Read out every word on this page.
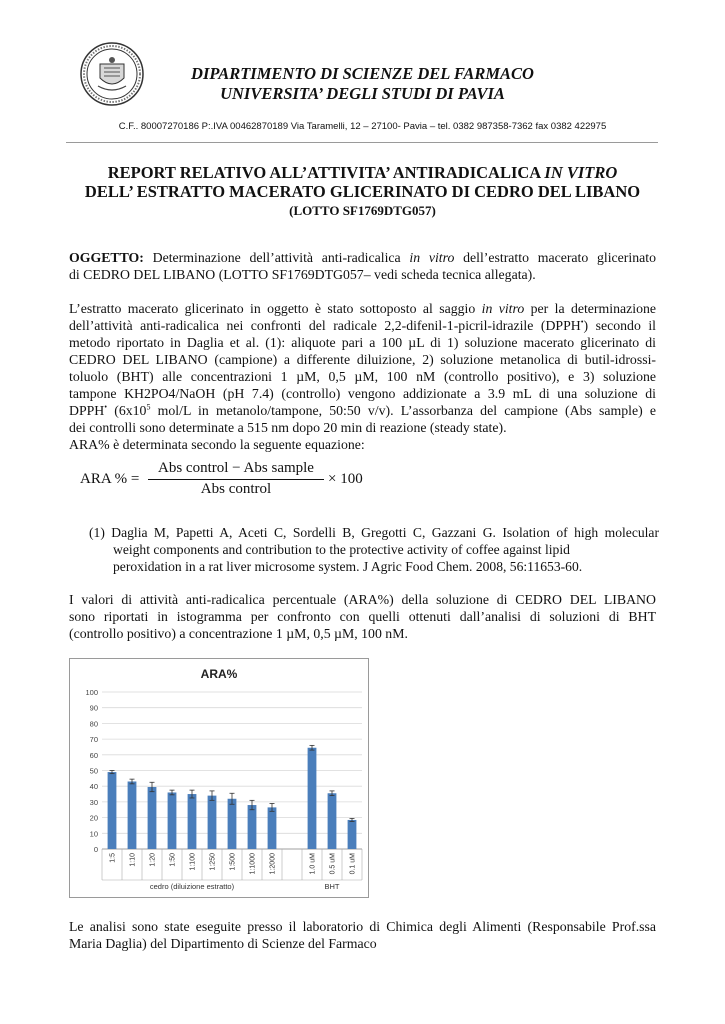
DIPARTIMENTO DI SCIENZE DEL FARMACO
UNIVERSITA’ DEGLI STUDI DI PAVIA
C.F.. 80007270186 P:.IVA 00462870189 Via Taramelli, 12 – 27100- Pavia – tel. 0382 987358-7362 fax 0382 422975
REPORT RELATIVO ALL’ATTIVITA’ ANTIRADICALICA IN VITRO
DELL’ ESTRATTO MACERATO GLICERINATO DI CEDRO DEL LIBANO
(LOTTO SF1769DTG057)
OGGETTO: Determinazione dell’attività anti-radicalica in vitro dell’estratto macerato glicerinato
di CEDRO DEL LIBANO (LOTTO SF1769DTG057– vedi scheda tecnica allegata).
L’estratto macerato glicerinato in oggetto è stato sottoposto al saggio in vitro per la determinazione
dell’attività anti-radicalica nei confronti del radicale 2,2-difenil-1-picril-idrazile (DPPH•) secondo il
metodo riportato in Daglia et al. (1): aliquote pari a 100 µL di 1) soluzione macerato glicerinato di
CEDRO DEL LIBANO (campione) a differente diluizione, 2) soluzione metanolica di butil-idrossi-
toluolo (BHT) alle concentrazioni 1 µM, 0,5 µM, 100 nM (controllo positivo), e 3) soluzione
tampone KH2PO4/NaOH (pH 7.4) (controllo) vengono addizionate a 3.9 mL di una soluzione di
DPPH• ($6x10^5$ mol/L in metanolo/tampone, 50:50 v/v). L’assorbanza del campione (Abs sample) e
dei controlli sono determinate a 515 nm dopo 20 min di reazione (steady state).
ARA% è determinata secondo la seguente equazione:
ARA % =
Abs control − Abs sample
Abs control
× 100
(1) Daglia M, Papetti A, Aceti C, Sordelli B, Gregotti C, Gazzani G. Isolation of high molecular
weight components and contribution to the protective activity of coffee against lipid
peroxidation in a rat liver microsome system. J Agric Food Chem. 2008, 56:11653-60.
I valori di attività anti-radicalica percentuale (ARA%) della soluzione di CEDRO DEL LIBANO
sono riportati in istogramma per confronto con quelli ottenuti dall’analisi di soluzioni di BHT
(controllo positivo) a concentrazione 1 µM, 0,5 µM, 100 nM.
ARA%
0
10
20
30
40
50
60
70
80
90
100
1:5 1:10 1:20 1:50 1:100 1:250 1:500 1:1000 1:2000	1.0 uM 0.5 uM 0.1 uM
cedro (diluizione estratto)	BHT
Le analisi sono state eseguite presso il laboratorio di Chimica degli Alimenti (Responsabile Prof.ssa
Maria Daglia) del Dipartimento di Scienze del Farmaco
